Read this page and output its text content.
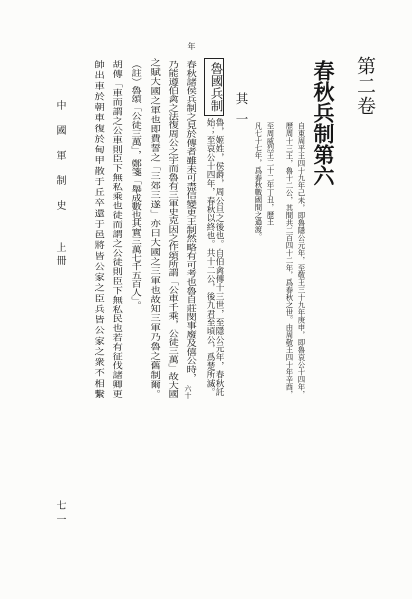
第二卷
春秋兵制第六
自東周平王四十九年己未，即魯隱公元年，至敬王三十九年庚申，即魯哀公十四年，
歷周十三王，魯十二公，其間共二百四十二年，爲春秋之世。由周敬王四十年辛酉，
至周威烈王二十二年丁丑，歷王
凡七十七年，爲春秋戰國間之過渡。
其一
魯國兵制
魯，姬姓，侯爵，周公旦之後也。自伯禽傳十三世，至隱公元年，春秋託
始；至哀公十四年，春秋以終也。共十二公，後九君至頃公，爲楚所滅。
年
春秋諸侯兵制之見於傳者雖未可盡信變更王制然略有可考也魯自莊閔事廢及僖公時，
六十
乃能遵伯禽之法復周公之宇而魯有三軍史克因之作頌所謂「公車千乘，公徒三萬」故大國
之賦大國之軍也即費誓之「三郊三遂」亦曰大國之三軍也故知三軍乃魯之舊制爾。
（註）魯頌「公徒三萬」，鄭箋「舉成數也其實三萬七千五百人」。
胡傳「車而謂之公車則臣下無私乘也徒而謂之公徒則臣下無私民也若有征伐諸卿更
帥出車於朝車復於甸甲散于丘卒還于邑將皆公家之臣兵皆公家之衆不相繫
中國軍制史
上冊
七一
